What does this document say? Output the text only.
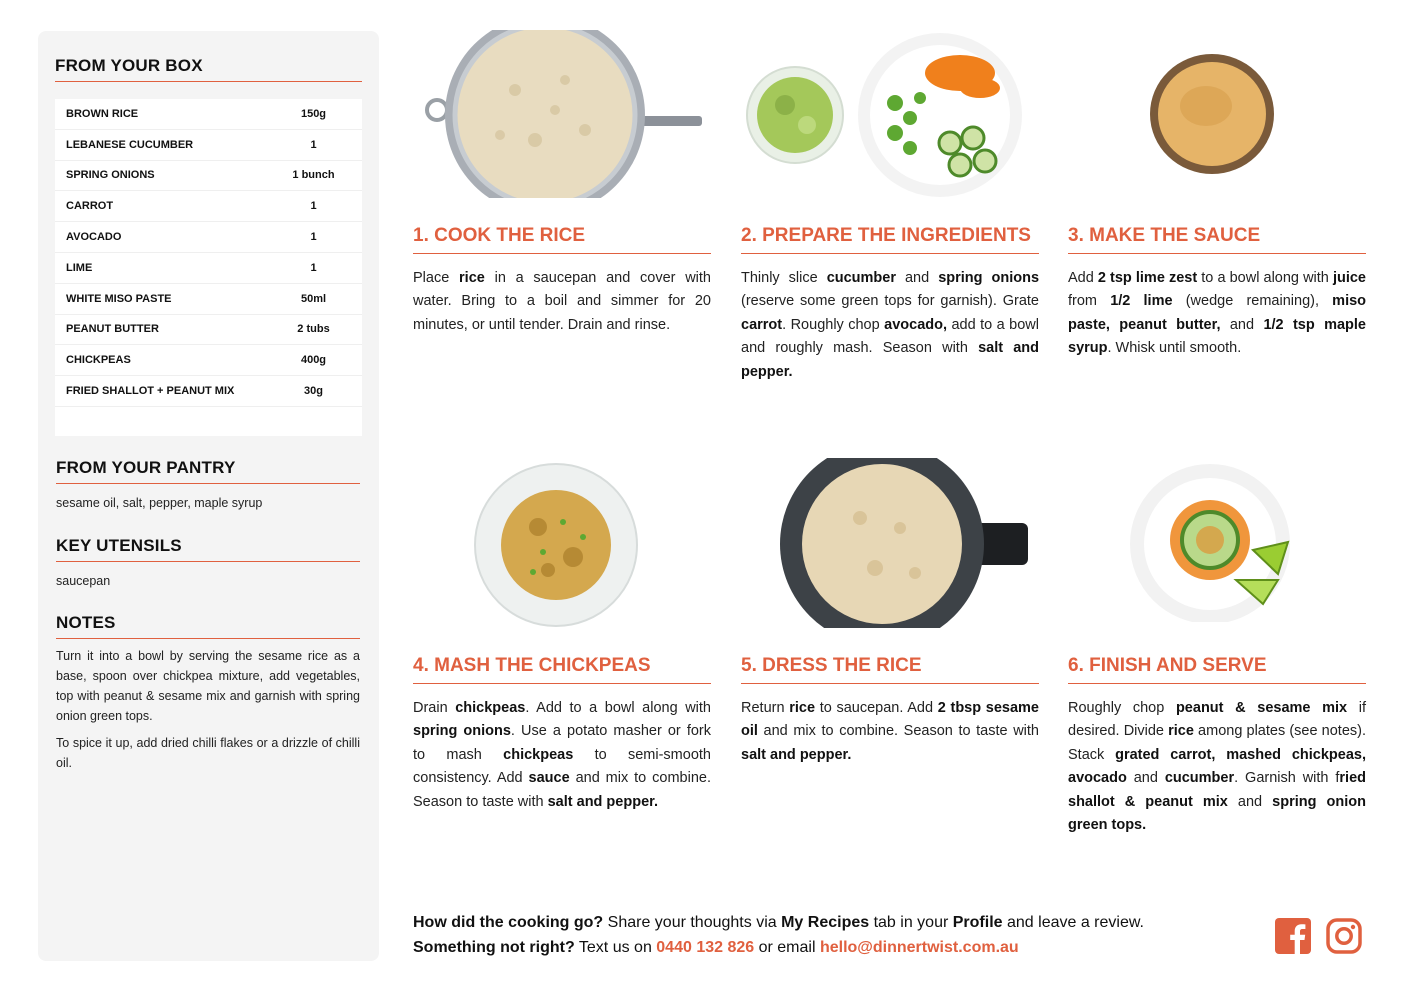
FROM YOUR BOX
BROWN RICE	150g
LEBANESE CUCUMBER	1
SPRING ONIONS	1 bunch
CARROT	1
AVOCADO	1
LIME	1
WHITE MISO PASTE	50ml
PEANUT BUTTER	2 tubs
CHICKPEAS	400g
FRIED SHALLOT + PEANUT MIX	30g
FROM YOUR PANTRY
sesame oil, salt, pepper, maple syrup
KEY UTENSILS
saucepan
NOTES

Turn it into a bowl by serving the sesame rice as a base, spoon over chickpea mixture, add vegetables, top with peanut & sesame mix and garnish with spring onion green tops.

To spice it up, add dried chilli flakes or a drizzle of chilli oil.

1. COOK THE RICE
Place rice in a saucepan and cover with water. Bring to a boil and simmer for 20 minutes, or until tender. Drain and rinse.
2. PREPARE THE INGREDIENTS
Thinly slice cucumber and spring onions (reserve some green tops for garnish). Grate carrot. Roughly chop avocado, add to a bowl and roughly mash. Season with salt and pepper.
3. MAKE THE SAUCE
Add 2 tsp lime zest to a bowl along with juice from 1/2 lime (wedge remaining), miso paste, peanut butter, and 1/2 tsp maple syrup. Whisk until smooth.
4. MASH THE CHICKPEAS
Drain chickpeas. Add to a bowl along with spring onions. Use a potato masher or fork to mash chickpeas to semi-smooth consistency. Add sauce and mix to combine. Season to taste with salt and pepper.
5. DRESS THE RICE
Return rice to saucepan. Add 2 tbsp sesame oil and mix to combine. Season to taste with salt and pepper.
6. FINISH AND SERVE
Roughly chop peanut & sesame mix if desired. Divide rice among plates (see notes). Stack grated carrot, mashed chickpeas, avocado and cucumber. Garnish with fried shallot & peanut mix and spring onion green tops.
How did the cooking go? Share your thoughts via My Recipes tab in your Profile and leave a review.
Something not right? Text us on 0440 132 826 or email hello@dinnertwist.com.au
